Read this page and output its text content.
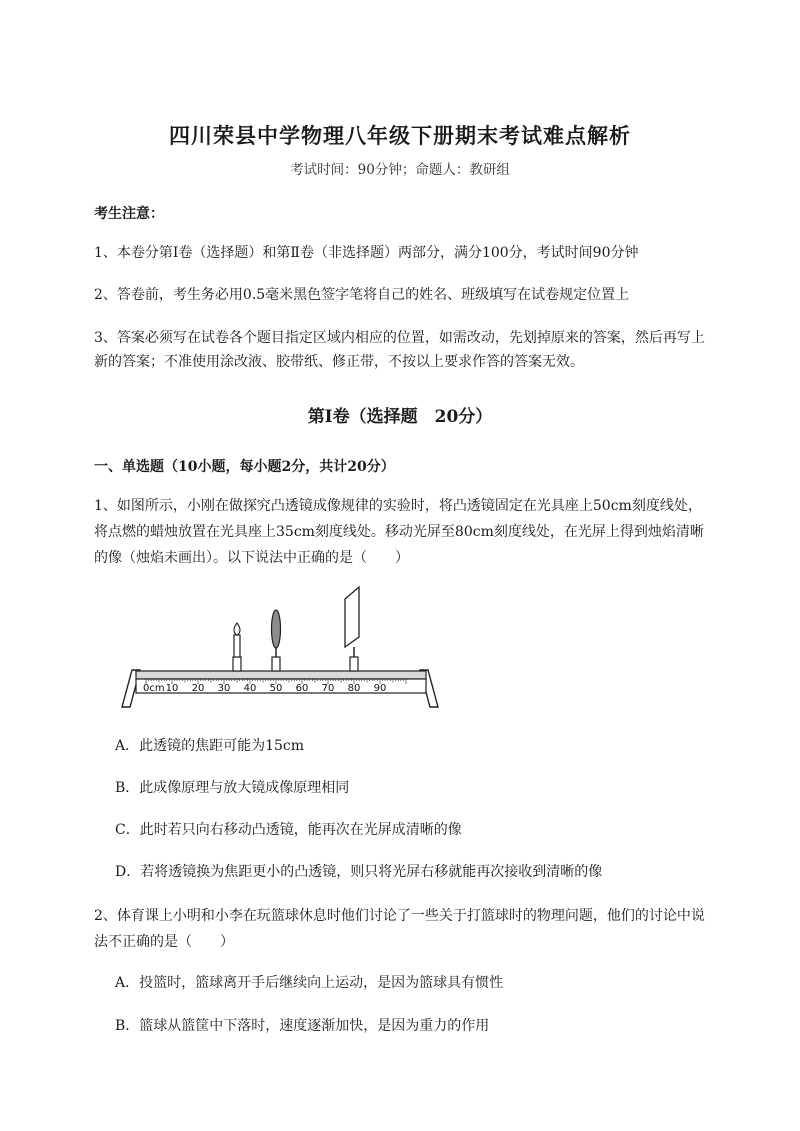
四川荣县中学物理八年级下册期末考试难点解析
考试时间：90分钟；命题人：教研组
考生注意：
1、本卷分第Ⅰ卷（选择题）和第Ⅱ卷（非选择题）两部分，满分100分，考试时间90分钟
2、答卷前，考生务必用0.5毫米黑色签字笔将自己的姓名、班级填写在试卷规定位置上
3、答案必须写在试卷各个题目指定区域内相应的位置，如需改动，先划掉原来的答案，然后再写上新的答案；不准使用涂改液、胶带纸、修正带，不按以上要求作答的答案无效。
第Ⅰ卷（选择题　20分）
一、单选题（10小题，每小题2分，共计20分）
1、如图所示，小刚在做探究凸透镜成像规律的实验时，将凸透镜固定在光具座上50cm刻度线处，将点燃的蜡烛放置在光具座上35cm刻度线处。移动光屏至80cm刻度线处，在光屏上得到烛焰清晰的像（烛焰未画出）。以下说法中正确的是（　　）
0cm 10 20 30 40 50 60 70 80 90
A．此透镜的焦距可能为15cm
B．此成像原理与放大镜成像原理相同
C．此时若只向右移动凸透镜，能再次在光屏成清晰的像
D．若将透镜换为焦距更小的凸透镜，则只将光屏右移就能再次接收到清晰的像
2、体育课上小明和小李在玩篮球休息时他们讨论了一些关于打篮球时的物理问题，他们的讨论中说法不正确的是（　　）
A．投篮时，篮球离开手后继续向上运动，是因为篮球具有惯性
B．篮球从篮筐中下落时，速度逐渐加快，是因为重力的作用
